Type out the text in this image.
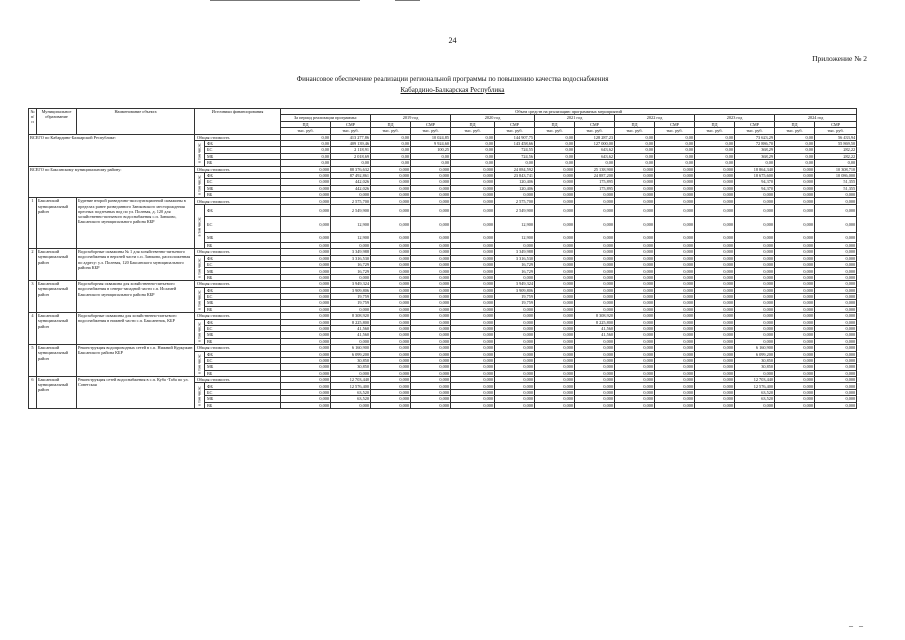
24
Приложение № 2
Финансовое обеспечение реализации региональной программы по повышению качества водоснабжения
Кабардино-Балкарская Республика
№ п/ п	Муниципальное образование	Наименование объекта	Источники финансирования		Объем средств на реализацию программных мероприятий													
					За период реализации программы:		2019 год		2020 год		2021 год		2022 год		2023 год		2024 год	
					ПД	СМР	ПД	СМР	ПД	СМР	ПД	СМР	ПД	СМР	ПД	СМР	ПД	СМР
					тыс. руб.	тыс. руб.	тыс. руб.	тыс. руб.	тыс. руб.	тыс. руб.	тыс. руб.	тыс. руб.	тыс. руб.	тыс. руб.	тыс. руб.	тыс. руб.	тыс. руб.	тыс. руб.
ВСЕГО по Кабардино-Балкарской Республике:			Общая стоимость		0,00	413 277,86	0,00	10 024,85	0,00	144 907,75	0,00	128 287,23	0,00	0,00	0,00	73 623,29	0,00	56 433,94
			в том числе:	ФБ	0,00	409 139,46	0,00	9 924,60	0,00	143 458,66	0,00	127 000,00	0,00	0,00	0,00	72 886,70	0,00	55 869,50
				БС	0,00	2 118,91	0,00	100,25	0,00	724,55	0,00	643,62	0,00	0,00	0,00	368,29	0,00	282,22
				МБ	0,00	2 018,69	0,00	0,00	0,00	724,56	0,00	643,62	0,00	0,00	0,00	368,29	0,00	282,22
				ВБ	0,00	0,00	0,00	0,00	0,00	0,00	0,00	0,00	0,00	0,00	0,00	0,00	0,00	0,00
ВСЕГО по Баксанскому муниципальному району:			Общая стоимость		0,000	88 376,632	0,000	0,000	0,000	24 084,592	0,000	25 138,900	0,000	0,000	0,000	18 864,340	0,000	10 308,710
			в том числе:	ФБ	0,000	87 492,861	0,000	0,000	0,000	23 843,741	0,000	24 887,200	0,000	0,000	0,000	18 675,600	0,000	10 086,000
				БС	0,000	442,026	0,000	0,000	0,000	120,406	0,000	175,895	0,000	0,000	0,000	94,370	0,000	51,355
				МБ	0,000	442,026	0,000	0,000	0,000	120,406	0,000	175,895	0,000	0,000	0,000	94,370	0,000	51,355
				ВБ	0,000	0,000	0,000	0,000	0,000	0,000	0,000	0,000	0,000	0,000	0,000	0,000	0,000	0,000
1	Баксанский муниципальный район	Бурение второй разведочно-эксплуатационной скважины в пределах ранее разведанного Заюковского месторождения пресных подземных вод по ул. Полевая, д. 120 для хозяйственно-питьевого водоснабжения с.п. Заюково, Баксанского муниципального района КБР	Общая стоимость		0,000	2 575,700	0,000	0,000	0,000	2 575,700	0,000	0,000	0,000	0,000	0,000	0,000	0,000	0,000
			в том числе:	ФБ	0,000	2 549,900	0,000	0,000	0,000	2 549,900	0,000	0,000	0,000	0,000	0,000	0,000	0,000	0,000
				БС	0,000	12,900	0,000	0,000	0,000	12,900	0,000	0,000	0,000	0,000	0,000	0,000	0,000	0,000
				МБ	0,000	12,900	0,000	0,000	0,000	12,900	0,000	0,000	0,000	0,000	0,000	0,000	0,000	0,000
				ВБ	0,000	0,000	0,000	0,000	0,000	0,000	0,000	0,000	0,000	0,000	0,000	0,000	0,000	0,000
2	Баксанский муниципальный район	Водозаборные скважины № 1 для хозяйственно-питьевого водоснабжения в верхней части с.п. Заюково, расположенная по адресу: у.л. Полевая, 120 Баксанского муниципального района КБР	Общая стоимость		0,000	3 349,988	0,000	0,000	0,000	3 349,988	0,000	0,000	0,000	0,000	0,000	0,000	0,000	0,000
			в том числе:	ФБ	0,000	3 316,530	0,000	0,000	0,000	3 316,530	0,000	0,000	0,000	0,000	0,000	0,000	0,000	0,000
				БС	0,000	16,729	0,000	0,000	0,000	16,729	0,000	0,000	0,000	0,000	0,000	0,000	0,000	0,000
				МБ	0,000	16,729	0,000	0,000	0,000	16,729	0,000	0,000	0,000	0,000	0,000	0,000	0,000	0,000
				ВБ	0,000	0,000	0,000	0,000	0,000	0,000	0,000	0,000	0,000	0,000	0,000	0,000	0,000	0,000
3	Баксанский муниципальный район	Водозаборная скважина для хозяйственно-питьевого водоснабжения в северо-западной части с.п. Исламей Баксанского муниципального района КБР	Общая стоимость		0,000	3 949,324	0,000	0,000	0,000	3 949,324	0,000	0,000	0,000	0,000	0,000	0,000	0,000	0,000
			в том числе:	ФБ	0,000	3 909,806	0,000	0,000	0,000	3 909,806	0,000	0,000	0,000	0,000	0,000	0,000	0,000	0,000
				БС	0,000	19,759	0,000	0,000	0,000	19,759	0,000	0,000	0,000	0,000	0,000	0,000	0,000	0,000
				МБ	0,000	19,759	0,000	0,000	0,000	19,759	0,000	0,000	0,000	0,000	0,000	0,000	0,000	0,000
				ВБ	0,000	0,000	0,000	0,000	0,000	0,000	0,000	0,000	0,000	0,000	0,000	0,000	0,000	0,000
4	Баксанский муниципальный район	Водозаборные скважины для хозяйственно-питьевого водоснабжения в нижней части с.п. Баксаненок, КБР	Общая стоимость		0,000	8 308,920	0,000	0,000	0,000	0,000	0,000	8 308,920	0,000	0,000	0,000	0,000	0,000	0,000
			в том числе:	ФБ	0,000	8 225,800	0,000	0,000	0,000	0,000	0,000	8 225,800	0,000	0,000	0,000	0,000	0,000	0,000
				БС	0,000	41,560	0,000	0,000	0,000	0,000	0,000	41,560	0,000	0,000	0,000	0,000	0,000	0,000
				МБ	0,000	41,560	0,000	0,000	0,000	0,000	0,000	41,560	0,000	0,000	0,000	0,000	0,000	0,000
				ВБ	0,000	0,000	0,000	0,000	0,000	0,000	0,000	0,000	0,000	0,000	0,000	0,000	0,000	0,000
5	Баксанский муниципальный район	Реконструкция водопроводных сетей в с.п. Нижний Куркужин Баксанского района КБР	Общая стоимость		0,000	6 160,900	0,000	0,000	0,000	0,000	0,000	0,000	0,000	0,000	0,000	6 160,900	0,000	0,000
			в том числе:	ФБ	0,000	6 099,200	0,000	0,000	0,000	0,000	0,000	0,000	0,000	0,000	0,000	6 099,200	0,000	0,000
				БС	0,000	30,850	0,000	0,000	0,000	0,000	0,000	0,000	0,000	0,000	0,000	30,850	0,000	0,000
				МБ	0,000	30,850	0,000	0,000	0,000	0,000	0,000	0,000	0,000	0,000	0,000	30,850	0,000	0,000
				ВБ	0,000	0,000	0,000	0,000	0,000	0,000	0,000	0,000	0,000	0,000	0,000	0,000	0,000	0,000
6	Баксанский муниципальный район	Реконструкция сетей водоснабжения в с.п. Куба -Таба по ул. Советская	Общая стоимость		0,000	12 703,440	0,000	0,000	0,000	0,000	0,000	0,000	0,000	0,000	0,000	12 703,440	0,000	0,000
			в том числе:	ФБ	0,000	12 576,400	0,000	0,000	0,000	0,000	0,000	0,000	0,000	0,000	0,000	12 576,400	0,000	0,000
				БС	0,000	63,520	0,000	0,000	0,000	0,000	0,000	0,000	0,000	0,000	0,000	63,520	0,000	0,000
				МБ	0,000	63,520	0,000	0,000	0,000	0,000	0,000	0,000	0,000	0,000	0,000	63,520	0,000	0,000
				ВБ	0,000	0,000	0,000	0,000	0,000	0,000	0,000	0,000	0,000	0,000	0,000	0,000	0,000	0,000
– –
